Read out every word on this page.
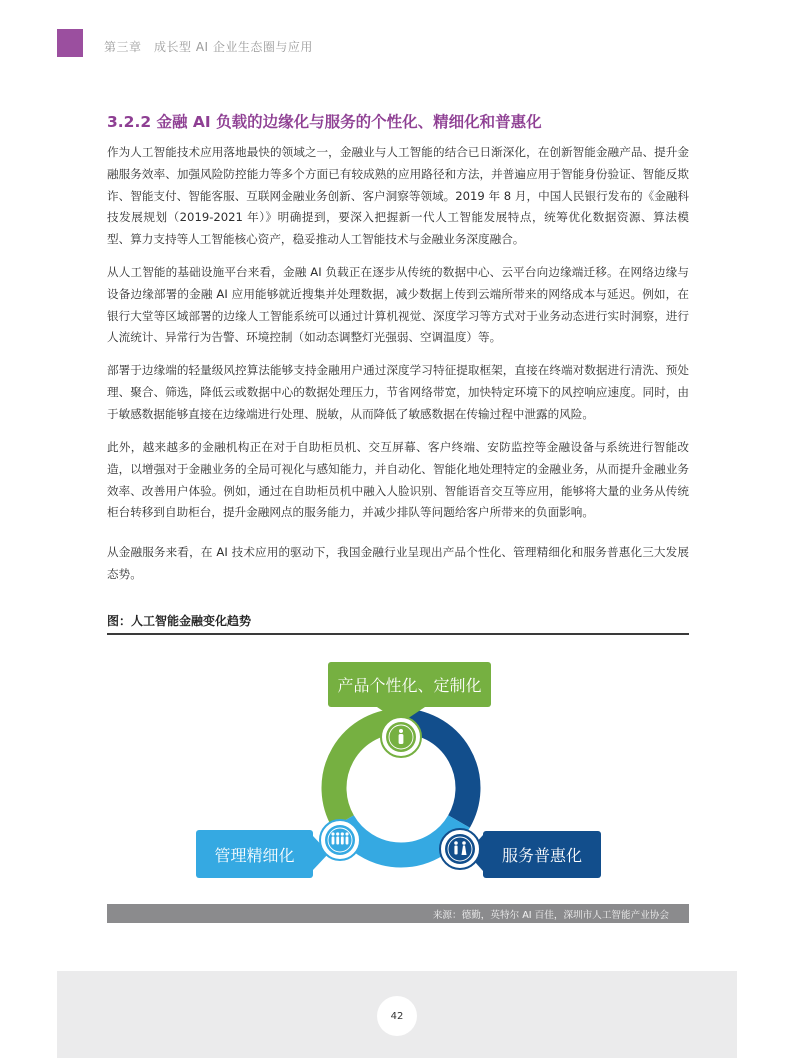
第三章　成长型 AI 企业生态圈与应用
3.2.2 金融 AI 负载的边缘化与服务的个性化、精细化和普惠化

作为人工智能技术应用落地最快的领域之一，金融业与人工智能的结合已日渐深化，在创新智能金融产品、提升金融服务效率、加强风险防控能力等多个方面已有较成熟的应用路径和方法，并普遍应用于智能身份验证、智能反欺诈、智能支付、智能客服、互联网金融业务创新、客户洞察等领域。2019 年 8 月，中国人民银行发布的《金融科技发展规划（2019-2021 年）》明确提到，要深入把握新一代人工智能发展特点，统筹优化数据资源、算法模型、算力支持等人工智能核心资产，稳妥推动人工智能技术与金融业务深度融合。

从人工智能的基础设施平台来看，金融 AI 负载正在逐步从传统的数据中心、云平台向边缘端迁移。在网络边缘与设备边缘部署的金融 AI 应用能够就近搜集并处理数据，减少数据上传到云端所带来的网络成本与延迟。例如，在银行大堂等区域部署的边缘人工智能系统可以通过计算机视觉、深度学习等方式对于业务动态进行实时洞察，进行人流统计、异常行为告警、环境控制（如动态调整灯光强弱、空调温度）等。

部署于边缘端的轻量级风控算法能够支持金融用户通过深度学习特征提取框架，直接在终端对数据进行清洗、预处理、聚合、筛选，降低云或数据中心的数据处理压力，节省网络带宽，加快特定环境下的风控响应速度。同时，由于敏感数据能够直接在边缘端进行处理、脱敏，从而降低了敏感数据在传输过程中泄露的风险。

此外，越来越多的金融机构正在对于自助柜员机、交互屏幕、客户终端、安防监控等金融设备与系统进行智能改造，以增强对于金融业务的全局可视化与感知能力，并自动化、智能化地处理特定的金融业务，从而提升金融业务效率、改善用户体验。例如，通过在自助柜员机中融入人脸识别、智能语音交互等应用，能够将大量的业务从传统柜台转移到自助柜台，提升金融网点的服务能力，并减少排队等问题给客户所带来的负面影响。

从金融服务来看，在 AI 技术应用的驱动下，我国金融行业呈现出产品个性化、管理精细化和服务普惠化三大发展态势。

图：人工智能金融变化趋势
产品个性化、定制化
管理精细化	服务普惠化
来源：德勤，英特尔 AI 百佳，深圳市人工智能产业协会
42
